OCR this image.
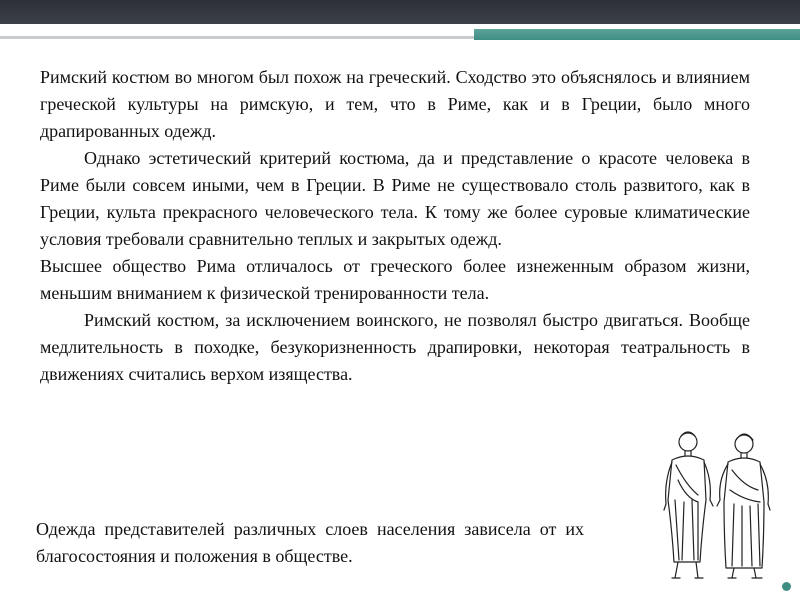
Римский костюм во многом был похож на греческий. Сходство это объяснялось и влиянием греческой культуры на римскую, и тем, что в Риме, как и в Греции, было много драпированных одежд.

Однако эстетический критерий костюма, да и представление о красоте человека в Риме были совсем иными, чем в Греции. В Риме не существовало столь развитого, как в Греции, культа прекрасного человеческого тела. К тому же более суровые климатические условия требовали сравнительно теплых и закрытых одежд.

Высшее общество Рима отличалось от греческого более изнеженным образом жизни, меньшим вниманием к физической тренированности тела.

Римский костюм, за исключением воинского, не позволял быстро двигаться. Вообще медлительность в походке, безукоризненность драпировки, некоторая театральность в движениях считались верхом изящества.

Одежда представителей различных слоев населения зависела от их благосостояния и положения в обществе.
